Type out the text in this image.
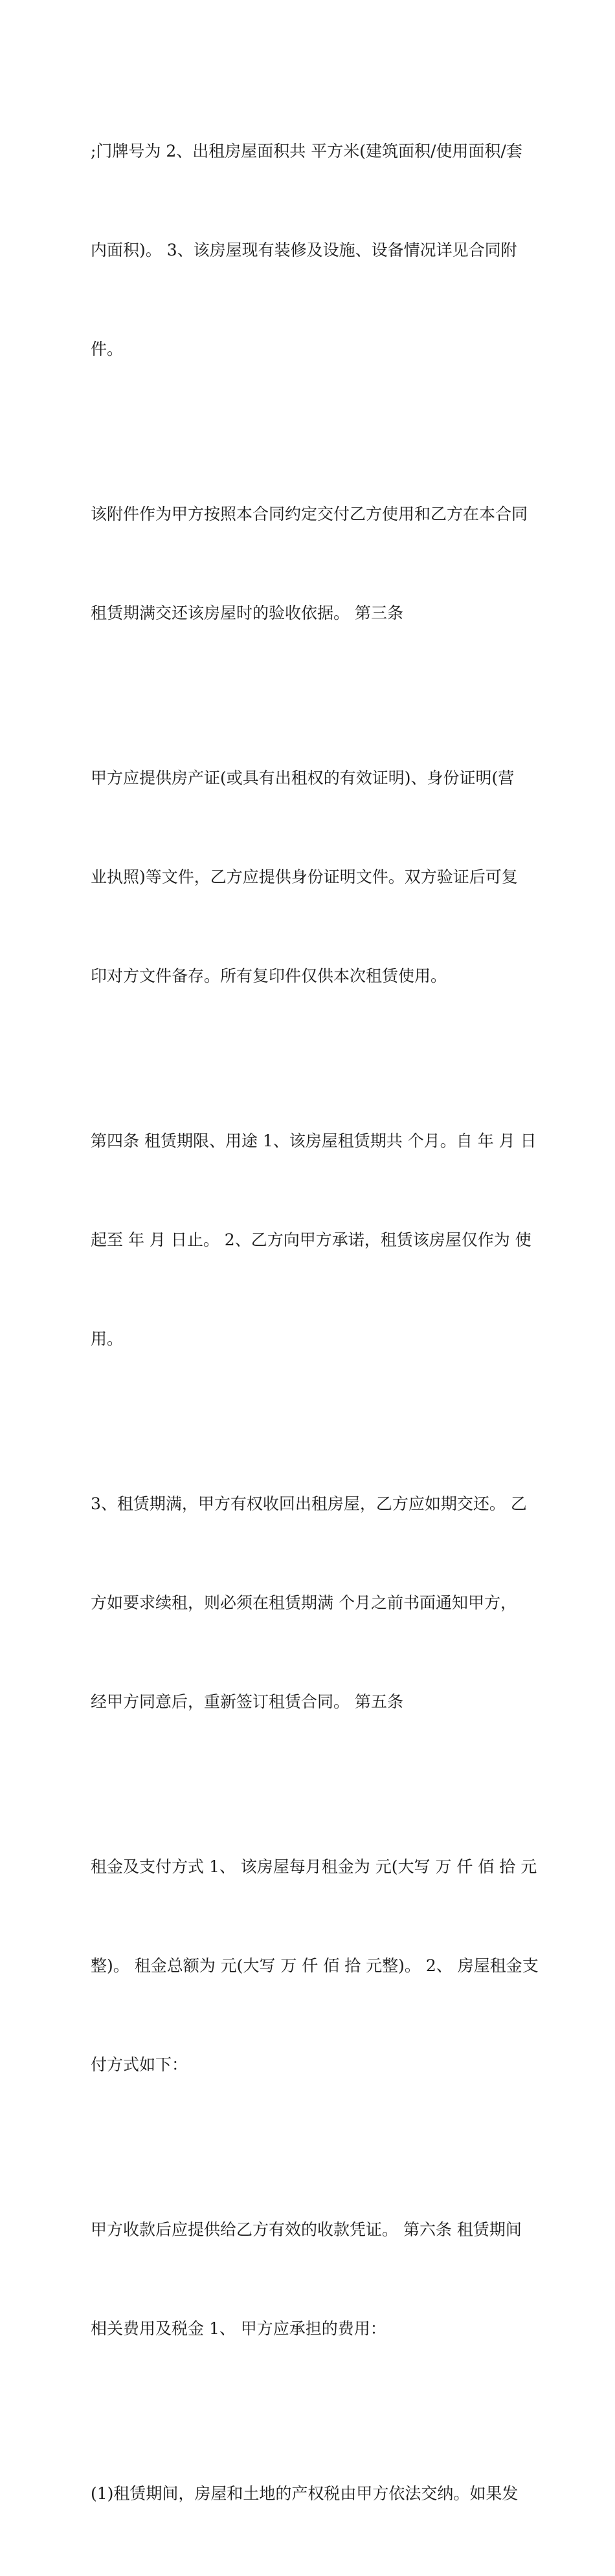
;门牌号为 2、出租房屋面积共 平方米(建筑面积/使用面积/套

内面积)。 3、该房屋现有装修及设施、设备情况详见合同附

件。

该附件作为甲方按照本合同约定交付乙方使用和乙方在本合同

租赁期满交还该房屋时的验收依据。 第三条

甲方应提供房产证(或具有出租权的有效证明)、身份证明(营

业执照)等文件，乙方应提供身份证明文件。双方验证后可复

印对方文件备存。所有复印件仅供本次租赁使用。

第四条 租赁期限、用途 1、该房屋租赁期共 个月。自 年 月 日

起至 年 月 日止。 2、乙方向甲方承诺，租赁该房屋仅作为 使

用。

3、租赁期满，甲方有权收回出租房屋，乙方应如期交还。 乙

方如要求续租，则必须在租赁期满 个月之前书面通知甲方，

经甲方同意后，重新签订租赁合同。 第五条

租金及支付方式 1、 该房屋每月租金为 元(大写 万 仟 佰 拾 元

整)。 租金总额为 元(大写 万 仟 佰 拾 元整)。 2、 房屋租金支

付方式如下：

甲方收款后应提供给乙方有效的收款凭证。 第六条 租赁期间

相关费用及税金 1、 甲方应承担的费用：

(1)租赁期间，房屋和土地的产权税由甲方依法交纳。如果发
